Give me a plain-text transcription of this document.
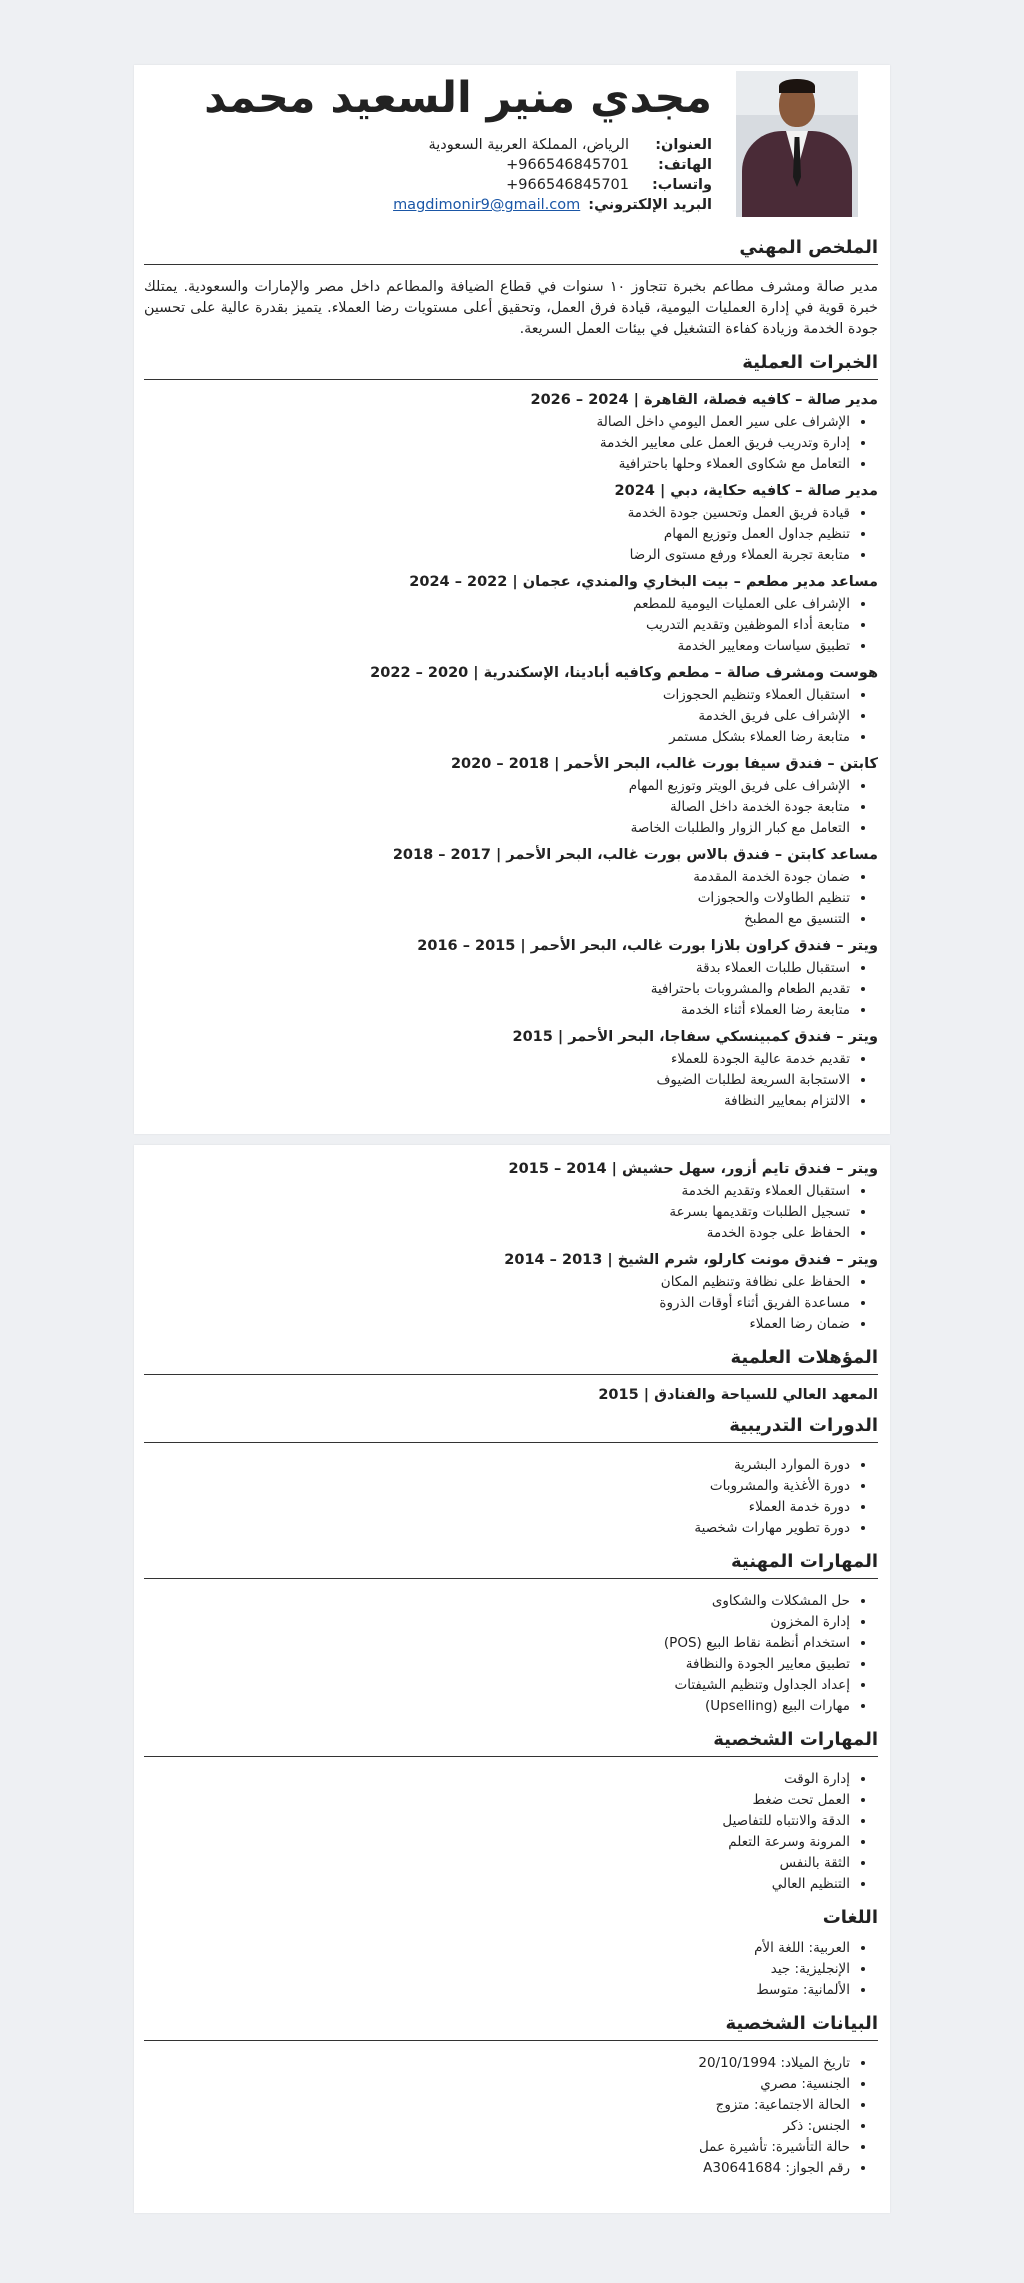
مجدي منير السعيد محمد
العنوان:
الرياض، المملكة العربية السعودية
الهاتف:
+966546845701
واتساب:
+966546845701
البريد الإلكتروني:
magdimonir9@gmail.com
الملخص المهني

مدير صالة ومشرف مطاعم بخبرة تتجاوز ١٠ سنوات في قطاع الضيافة والمطاعم داخل مصر والإمارات والسعودية. يمتلك خبرة قوية في إدارة العمليات اليومية، قيادة فرق العمل، وتحقيق أعلى مستويات رضا العملاء. يتميز بقدرة عالية على تحسين جودة الخدمة وزيادة كفاءة التشغيل في بيئات العمل السريعة.

الخبرات العملية
مدير صالة – كافيه فصلة، القاهرة | 2024 – 2026
• الإشراف على سير العمل اليومي داخل الصالة
• إدارة وتدريب فريق العمل على معايير الخدمة
• التعامل مع شكاوى العملاء وحلها باحترافية
مدير صالة – كافيه حكاية، دبي | 2024
• قيادة فريق العمل وتحسين جودة الخدمة
• تنظيم جداول العمل وتوزيع المهام
• متابعة تجربة العملاء ورفع مستوى الرضا
مساعد مدير مطعم – بيت البخاري والمندي، عجمان | 2022 – 2024
• الإشراف على العمليات اليومية للمطعم
• متابعة أداء الموظفين وتقديم التدريب
• تطبيق سياسات ومعايير الخدمة
هوست ومشرف صالة – مطعم وكافيه أبادينا، الإسكندرية | 2020 – 2022
• استقبال العملاء وتنظيم الحجوزات
• الإشراف على فريق الخدمة
• متابعة رضا العملاء بشكل مستمر
كابتن – فندق سيفا بورت غالب، البحر الأحمر | 2018 – 2020
• الإشراف على فريق الويتر وتوزيع المهام
• متابعة جودة الخدمة داخل الصالة
• التعامل مع كبار الزوار والطلبات الخاصة
مساعد كابتن – فندق بالاس بورت غالب، البحر الأحمر | 2017 – 2018
• ضمان جودة الخدمة المقدمة
• تنظيم الطاولات والحجوزات
• التنسيق مع المطبخ
ويتر – فندق كراون بلازا بورت غالب، البحر الأحمر | 2015 – 2016
• استقبال طلبات العملاء بدقة
• تقديم الطعام والمشروبات باحترافية
• متابعة رضا العملاء أثناء الخدمة
ويتر – فندق كمبينسكي سفاجا، البحر الأحمر | 2015
• تقديم خدمة عالية الجودة للعملاء
• الاستجابة السريعة لطلبات الضيوف
• الالتزام بمعايير النظافة
ويتر – فندق تايم أزور، سهل حشيش | 2014 – 2015
• استقبال العملاء وتقديم الخدمة
• تسجيل الطلبات وتقديمها بسرعة
• الحفاظ على جودة الخدمة
ويتر – فندق مونت كارلو، شرم الشيخ | 2013 – 2014
• الحفاظ على نظافة وتنظيم المكان
• مساعدة الفريق أثناء أوقات الذروة
• ضمان رضا العملاء
المؤهلات العلمية
المعهد العالي للسياحة والفنادق | 2015
الدورات التدريبية
• دورة الموارد البشرية
• دورة الأغذية والمشروبات
• دورة خدمة العملاء
• دورة تطوير مهارات شخصية
المهارات المهنية
• حل المشكلات والشكاوى
• إدارة المخزون
• استخدام أنظمة نقاط البيع (POS)
• تطبيق معايير الجودة والنظافة
• إعداد الجداول وتنظيم الشيفتات
• مهارات البيع (Upselling)
المهارات الشخصية
• إدارة الوقت
• العمل تحت ضغط
• الدقة والانتباه للتفاصيل
• المرونة وسرعة التعلم
• الثقة بالنفس
• التنظيم العالي
اللغات
• العربية: اللغة الأم
• الإنجليزية: جيد
• الألمانية: متوسط
البيانات الشخصية
• تاريخ الميلاد: 20/10/1994
• الجنسية: مصري
• الحالة الاجتماعية: متزوج
• الجنس: ذكر
• حالة التأشيرة: تأشيرة عمل
• رقم الجواز: A30641684
